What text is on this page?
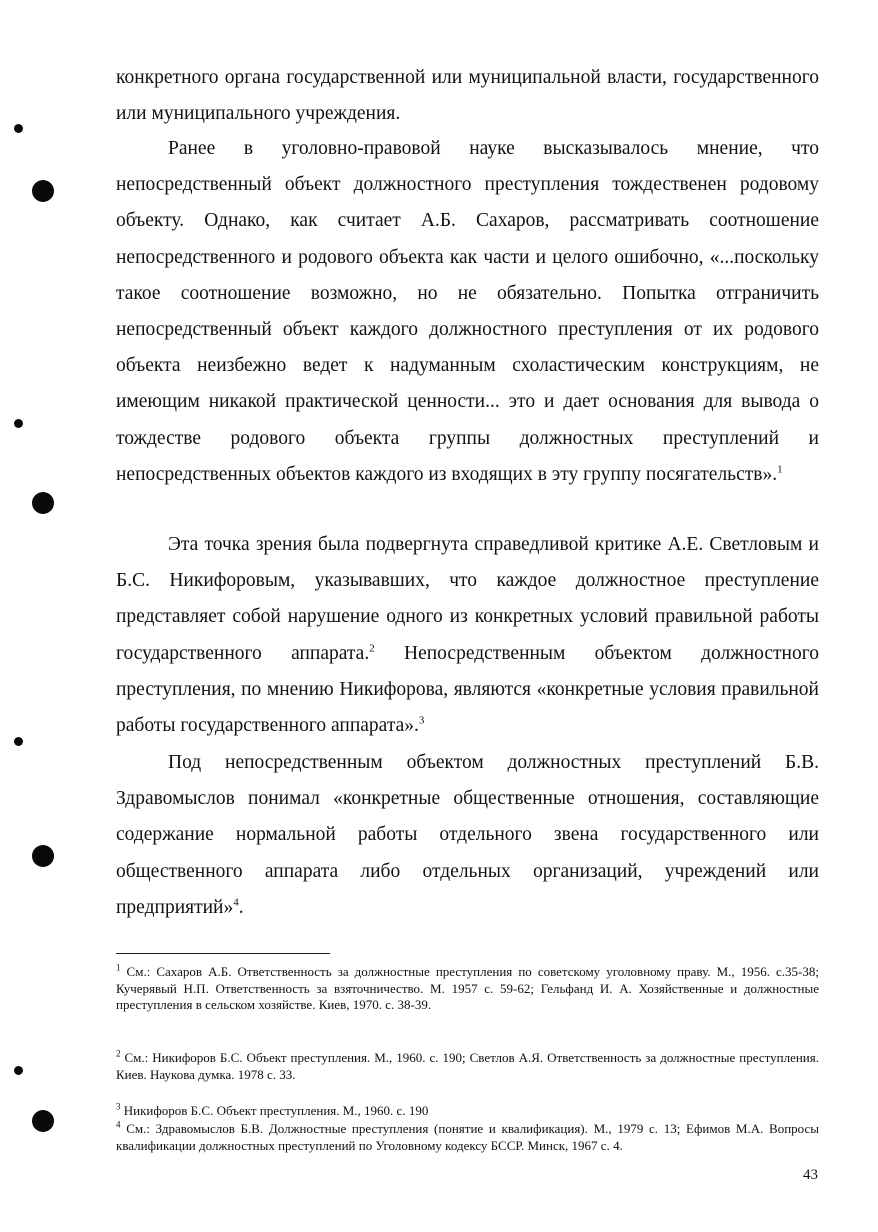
конкретного органа государственной или муниципальной власти, государственного или муниципального учреждения.

Ранее в уголовно-правовой науке высказывалось мнение, что непосредственный объект должностного преступления тождественен родовому объекту. Однако, как считает А.Б. Сахаров, рассматривать соотношение непосредственного и родового объекта как части и целого ошибочно, «...поскольку такое соотношение возможно, но не обязательно. Попытка отграничить непосредственный объект каждого должностного преступления от их родового объекта неизбежно ведет к надуманным схоластическим конструкциям, не имеющим никакой практической ценности... это и дает основания для вывода о тождестве родового объекта группы должностных преступлений и непосредственных объектов каждого из входящих в эту группу посягательств».$^1$

Эта точка зрения была подвергнута справедливой критике А.Е. Светловым и Б.С. Никифоровым, указывавших, что каждое должностное преступление представляет собой нарушение одного из конкретных условий правильной работы государственного аппарата.$^2$ Непосредственным объектом должностного преступления, по мнению Никифорова, являются «конкретные условия правильной работы государственного аппарата».$^3$

Под непосредственным объектом должностных преступлений Б.В. Здравомыслов понимал «конкретные общественные отношения, составляющие содержание нормальной работы отдельного звена государственного или общественного аппарата либо отдельных организаций, учреждений или предприятий»$^4$.

$^1$ См.: Сахаров А.Б. Ответственность за должностные преступления по советскому уголовному праву. М., 1956. с.35-38; Кучерявый Н.П. Ответственность за взяточничество. М. 1957 с. 59-62; Гельфанд И. А. Хозяйственные и должностные преступления в сельском хозяйстве. Киев, 1970. с. 38-39.

$^2$ См.: Никифоров Б.С. Объект преступления. М., 1960. с. 190; Светлов А.Я. Ответственность за должностные преступления. Киев. Наукова думка. 1978 с. 33.

$^3$ Никифоров Б.С. Объект преступления. М., 1960. с. 190

$^4$ См.: Здравомыслов Б.В. Должностные преступления (понятие и квалификация). М., 1979 с. 13; Ефимов М.А. Вопросы квалификации должностных преступлений по Уголовному кодексу БССР. Минск, 1967 с. 4.

43
